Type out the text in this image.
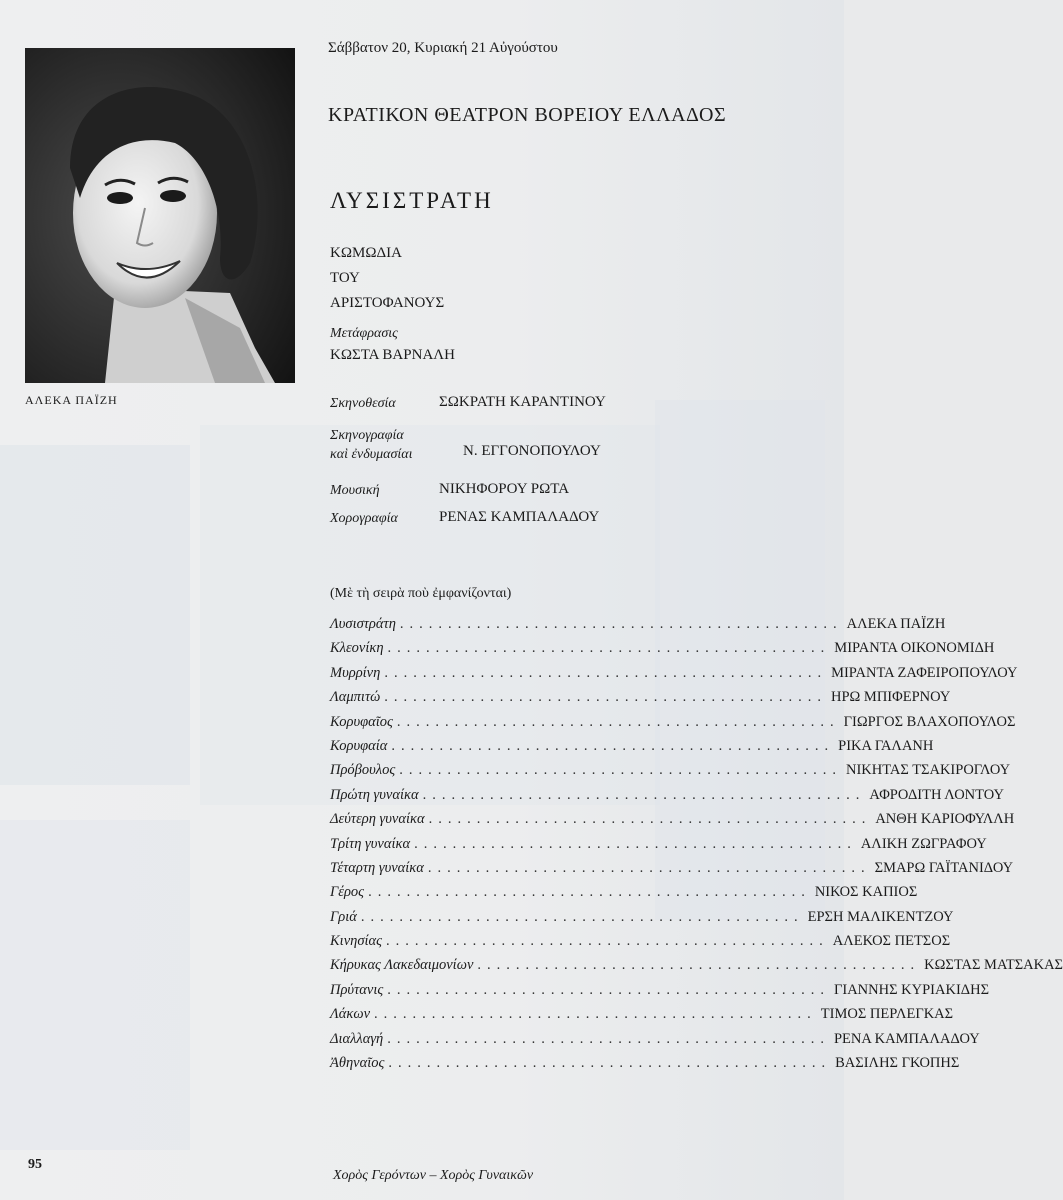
ΑΛΕΚΑ ΠΑΪΖΗ
Σάββατον 20, Κυριακή 21 Αὐγούστου
ΚΡΑΤΙΚΟΝ ΘΕΑΤΡΟΝ ΒΟΡΕΙΟΥ ΕΛΛΑΔΟΣ
ΛΥΣΙΣΤΡΑΤΗ
ΚΩΜΩΔΙΑ
ΤΟΥ
ΑΡΙΣΤΟΦΑΝΟΥΣ
Μετάφρασις
ΚΩΣΤΑ ΒΑΡΝΑΛΗ
Σκηνοθεσία	ΣΩΚΡΑΤΗ ΚΑΡΑΝΤΙΝΟΥ
Σκηνογραφία
καὶ ἐνδυμασίαι	Ν. ΕΓΓΟΝΟΠΟΥΛΟΥ
Μουσική	ΝΙΚΗΦΟΡΟΥ ΡΩΤΑ
Χορογραφία	ΡΕΝΑΣ ΚΑΜΠΑΛΑΔΟΥ
(Μὲ τὴ σειρὰ ποὺ ἐμφανίζονται)
Λυσιστράτη .............................................. ΑΛΕΚΑ ΠΑΪΖΗ
Κλεονίκη .............................................. ΜΙΡΑΝΤΑ ΟΙΚΟΝΟΜΙΔΗ
Μυρρίνη .............................................. ΜΙΡΑΝΤΑ ΖΑΦΕΙΡΟΠΟΥΛΟΥ
Λαμπιτώ .............................................. ΗΡΩ ΜΠΙΦΕΡΝΟΥ
Κορυφαῖος .............................................. ΓΙΩΡΓΟΣ ΒΛΑΧΟΠΟΥΛΟΣ
Κορυφαία .............................................. ΡΙΚΑ ΓΑΛΑΝΗ
Πρόβουλος .............................................. ΝΙΚΗΤΑΣ ΤΣΑΚΙΡΟΓΛΟΥ
Πρώτη γυναίκα .............................................. ΑΦΡΟΔΙΤΗ ΛΟΝΤΟΥ
Δεύτερη γυναίκα .............................................. ΑΝΘΗ ΚΑΡΙΟΦΥΛΛΗ
Τρίτη γυναίκα .............................................. ΑΛΙΚΗ ΖΩΓΡΑΦΟΥ
Τέταρτη γυναίκα .............................................. ΣΜΑΡΩ ΓΑΪΤΑΝΙΔΟΥ
Γέρος .............................................. ΝΙΚΟΣ ΚΑΠΙΟΣ
Γριά .............................................. ΕΡΣΗ ΜΑΛΙΚΕΝΤΖΟΥ
Κινησίας .............................................. ΑΛΕΚΟΣ ΠΕΤΣΟΣ
Κήρυκας Λακεδαιμονίων .............................................. ΚΩΣΤΑΣ ΜΑΤΣΑΚΑΣ
Πρύτανις .............................................. ΓΙΑΝΝΗΣ ΚΥΡΙΑΚΙΔΗΣ
Λάκων .............................................. ΤΙΜΟΣ ΠΕΡΛΕΓΚΑΣ
Διαλλαγή .............................................. ΡΕΝΑ ΚΑΜΠΑΛΑΔΟΥ
Ἀθηναῖος .............................................. ΒΑΣΙΛΗΣ ΓΚΟΠΗΣ
95
Χορὸς Γερόντων – Χορὸς Γυναικῶν
